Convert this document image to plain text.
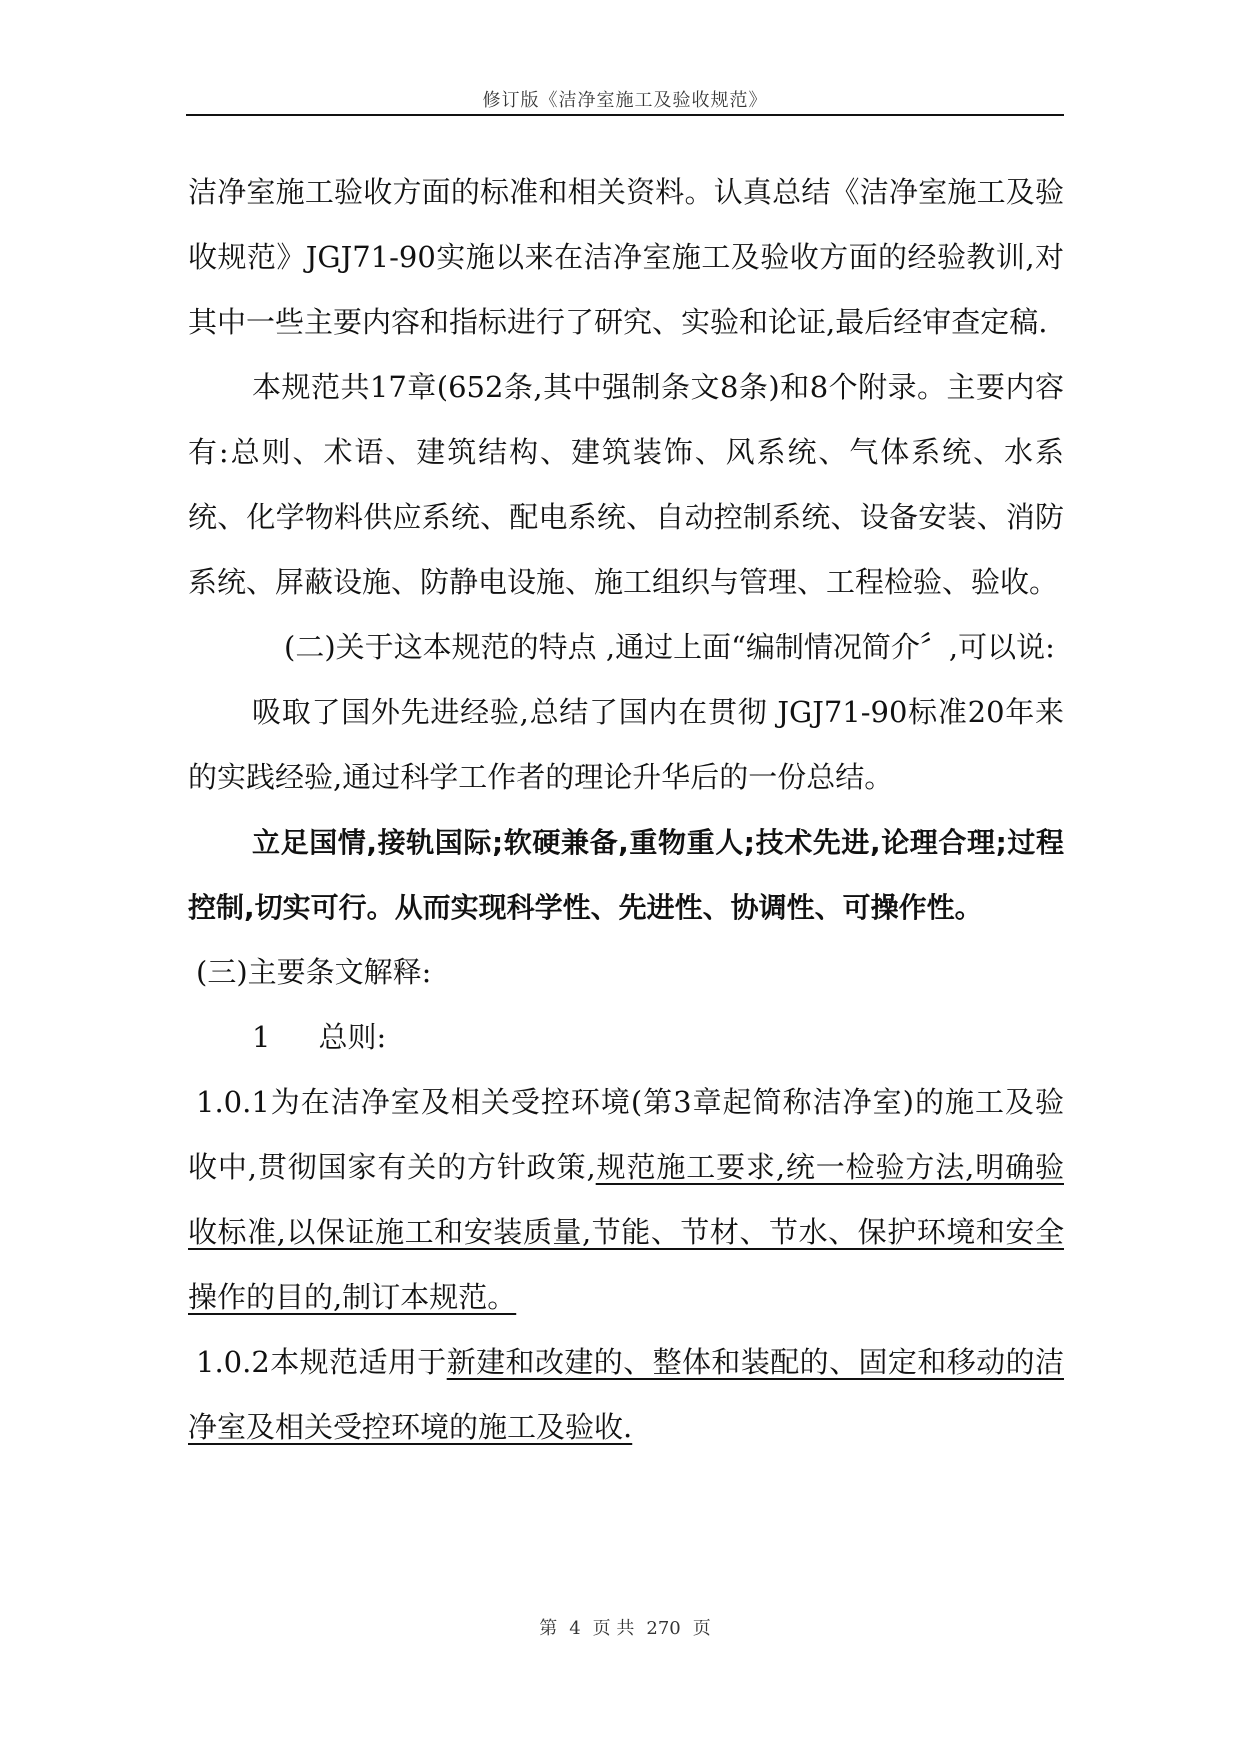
修订版《洁净室施工及验收规范》

洁净室施工验收方面的标准和相关资料。认真总结《洁净室施工及验收规范》JGJ71-90实施以来在洁净室施工及验收方面的经验教训,对其中一些主要内容和指标进行了研究、实验和论证,最后经审查定稿.

本规范共17章(652条,其中强制条文8条)和8个附录。主要内容有:总则、术语、建筑结构、建筑装饰、风系统、气体系统、水系统、化学物料供应系统、配电系统、自动控制系统、设备安装、消防系统、屏蔽设施、防静电设施、施工组织与管理、工程检验、验收。

(二)关于这本规范的特点 ,通过上面“编制情况简介〞,可以说:

吸取了国外先进经验,总结了国内在贯彻 JGJ71-90标准20年来的实践经验,通过科学工作者的理论升华后的一份总结。

立足国情,接轨国际;软硬兼备,重物重人;技术先进,论理合理;过程控制,切实可行。从而实现科学性、先进性、协调性、可操作性。

(三)主要条文解释:

1 总则:

1.0.1为在洁净室及相关受控环境(第3章起简称洁净室)的施工及验收中,贯彻国家有关的方针政策,规范施工要求,统一检验方法,明确验收标准,以保证施工和安装质量,节能、节材、节水、保护环境和安全操作的目的,制订本规范。

1.0.2本规范适用于新建和改建的、整体和装配的、固定和移动的洁净室及相关受控环境的施工及验收.

第 4 页 共 270 页
